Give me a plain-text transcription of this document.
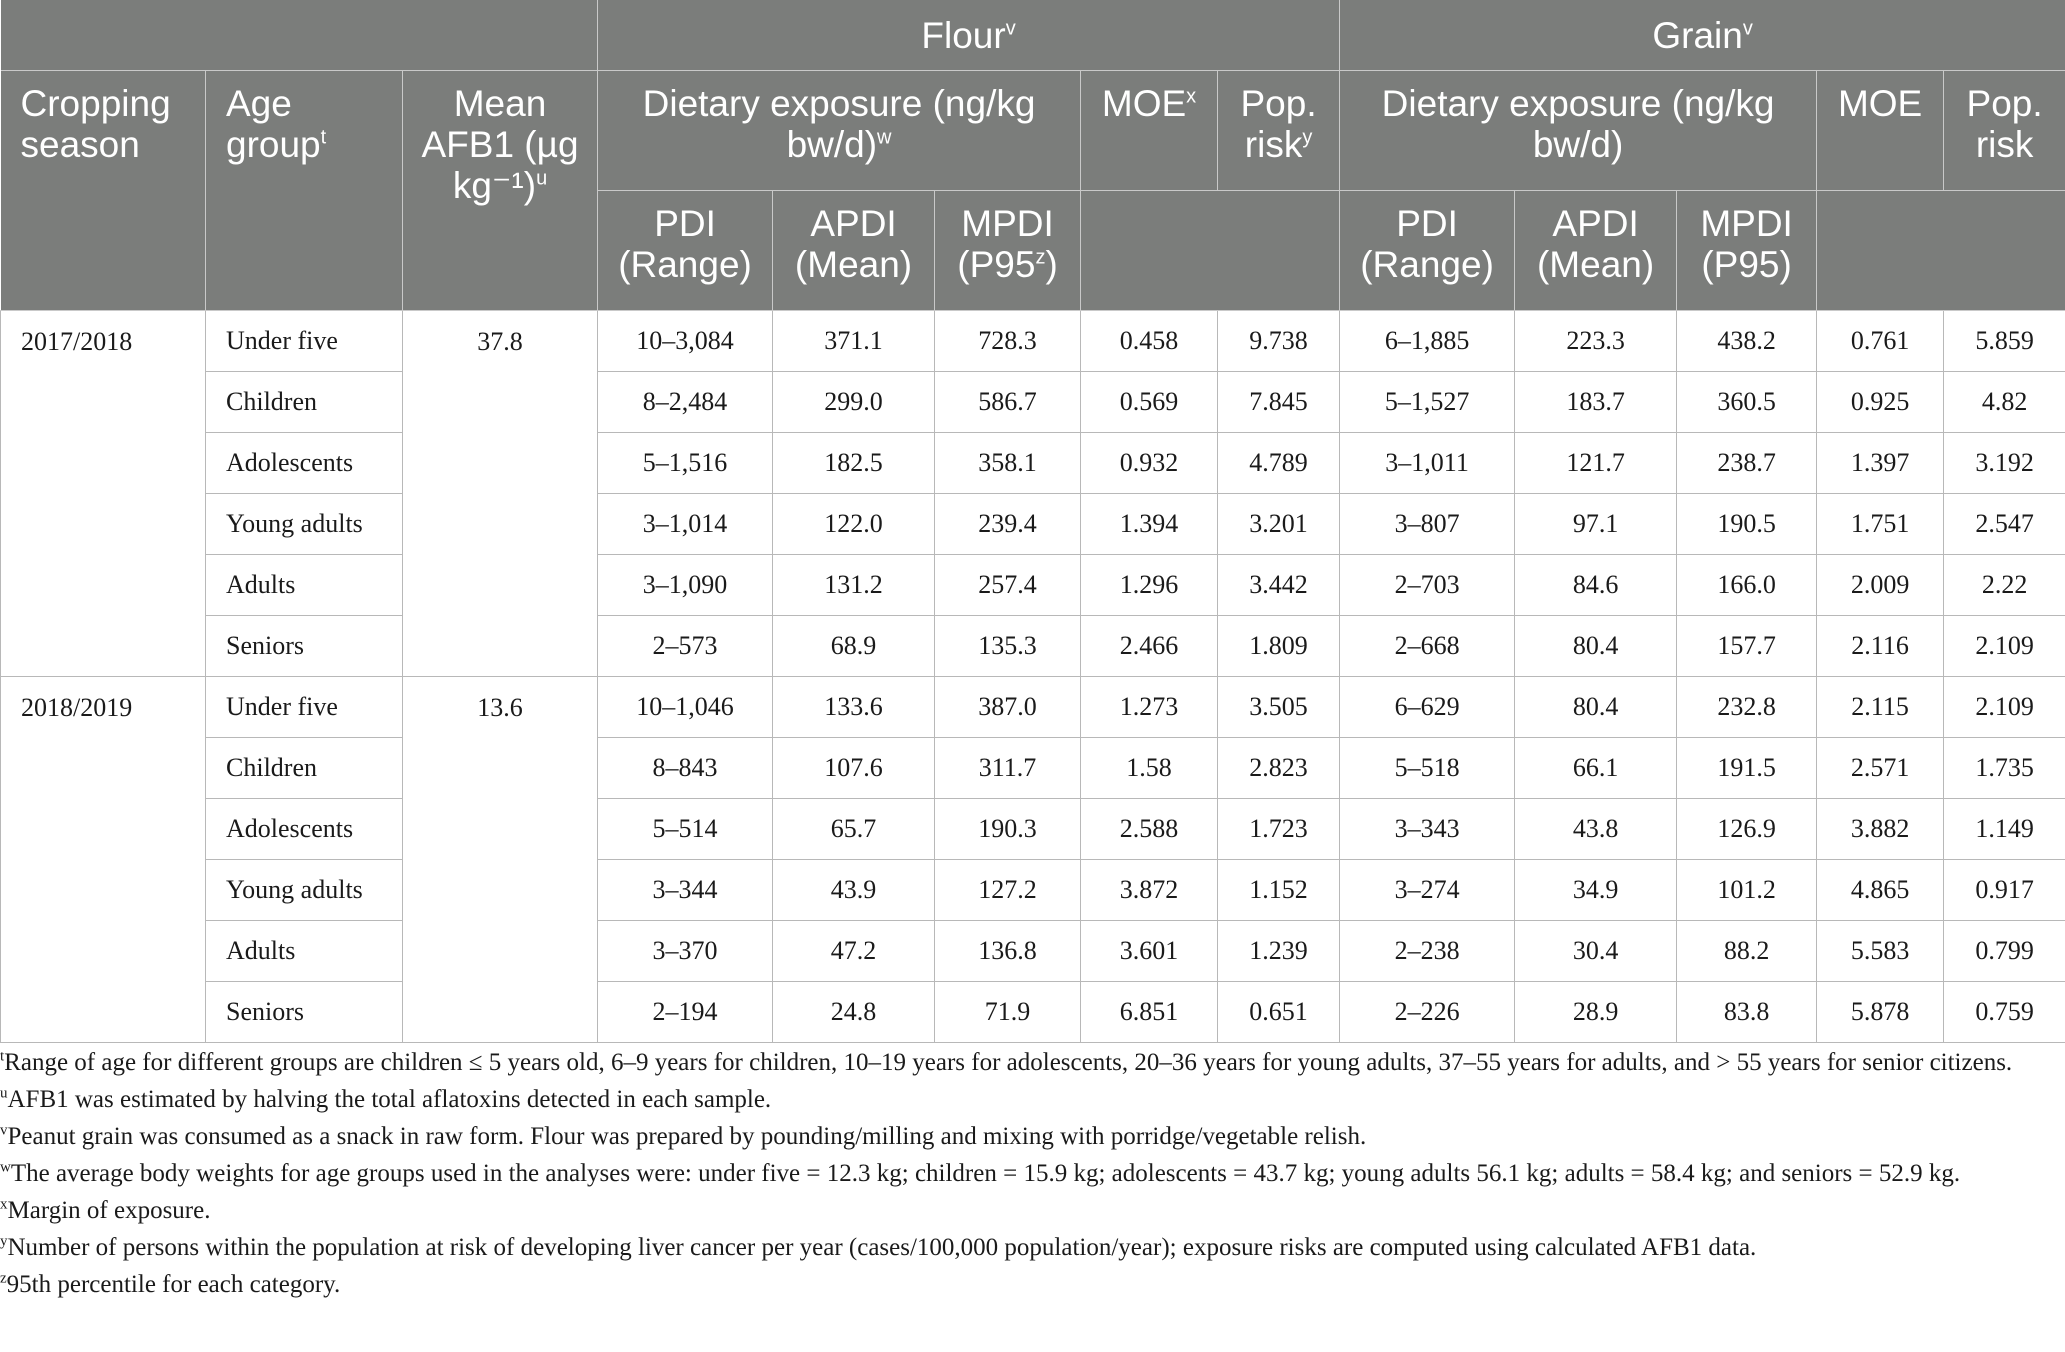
			Flour$^v$					Grain$^v$
Cropping season	Age group$^t$	Mean AFB1 (µg kg⁻¹)$^u$	Dietary exposure (ng/kg bw/d)$^w$			MOE$^x$	Pop. risk$^y$	Dietary exposure (ng/kg bw/d)			MOE	Pop. risk
			PDI (Range)	APDI (Mean)	MPDI (P95$^z$)			PDI (Range)	APDI (Mean)	MPDI (P95)		
2017/2018	Under five	37.8	10–3,084	371.1	728.3	0.458	9.738	6–1,885	223.3	438.2	0.761	5.859
	Children		8–2,484	299.0	586.7	0.569	7.845	5–1,527	183.7	360.5	0.925	4.82
	Adolescents		5–1,516	182.5	358.1	0.932	4.789	3–1,011	121.7	238.7	1.397	3.192
	Young adults		3–1,014	122.0	239.4	1.394	3.201	3–807	97.1	190.5	1.751	2.547
	Adults		3–1,090	131.2	257.4	1.296	3.442	2–703	84.6	166.0	2.009	2.22
	Seniors		2–573	68.9	135.3	2.466	1.809	2–668	80.4	157.7	2.116	2.109
2018/2019	Under five	13.6	10–1,046	133.6	387.0	1.273	3.505	6–629	80.4	232.8	2.115	2.109
	Children		8–843	107.6	311.7	1.58	2.823	5–518	66.1	191.5	2.571	1.735
	Adolescents		5–514	65.7	190.3	2.588	1.723	3–343	43.8	126.9	3.882	1.149
	Young adults		3–344	43.9	127.2	3.872	1.152	3–274	34.9	101.2	4.865	0.917
	Adults		3–370	47.2	136.8	3.601	1.239	2–238	30.4	88.2	5.583	0.799
	Seniors		2–194	24.8	71.9	6.851	0.651	2–226	28.9	83.8	5.878	0.759

$^t$Range of age for different groups are children ≤ 5 years old, 6–9 years for children, 10–19 years for adolescents, 20–36 years for young adults, 37–55 years for adults, and > 55 years for senior citizens.

$^u$AFB1 was estimated by halving the total aflatoxins detected in each sample.

$^v$Peanut grain was consumed as a snack in raw form. Flour was prepared by pounding/milling and mixing with porridge/vegetable relish.

$^w$The average body weights for age groups used in the analyses were: under five = 12.3 kg; children = 15.9 kg; adolescents = 43.7 kg; young adults 56.1 kg; adults = 58.4 kg; and seniors = 52.9 kg.

$^x$Margin of exposure.

$^y$Number of persons within the population at risk of developing liver cancer per year (cases/100,000 population/year); exposure risks are computed using calculated AFB1 data.

$^z$95th percentile for each category.
